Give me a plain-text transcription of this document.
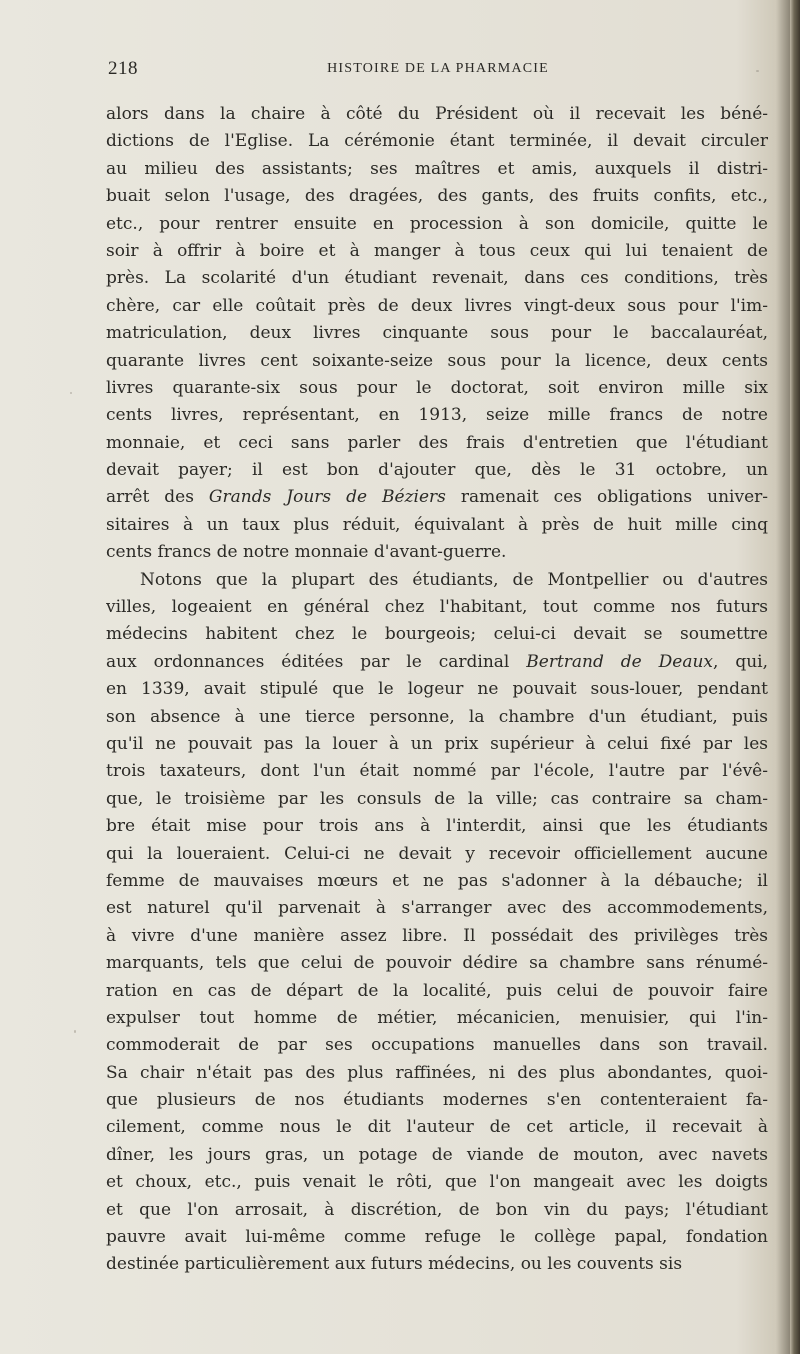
218	HISTOIRE DE LA PHARMACIE
alors dans la chaire à côté du Président où il recevait les béné-
dictions de l'Eglise. La cérémonie étant terminée, il devait circuler
au milieu des assistants; ses maîtres et amis, auxquels il distri-
buait selon l'usage, des dragées, des gants, des fruits confits, etc.,
etc., pour rentrer ensuite en procession à son domicile, quitte le
soir à offrir à boire et à manger à tous ceux qui lui tenaient de
près. La scolarité d'un étudiant revenait, dans ces conditions, très
chère, car elle coûtait près de deux livres vingt-deux sous pour l'im-
matriculation, deux livres cinquante sous pour le baccalauréat,
quarante livres cent soixante-seize sous pour la licence, deux cents
livres quarante-six sous pour le doctorat, soit environ mille six
cents livres, représentant, en 1913, seize mille francs de notre
monnaie, et ceci sans parler des frais d'entretien que l'étudiant
devait payer; il est bon d'ajouter que, dès le 31 octobre, un
arrêt des Grands Jours de Béziers ramenait ces obligations univer-
sitaires à un taux plus réduit, équivalant à près de huit mille cinq
cents francs de notre monnaie d'avant-guerre.
Notons que la plupart des étudiants, de Montpellier ou d'autres
villes, logeaient en général chez l'habitant, tout comme nos futurs
médecins habitent chez le bourgeois; celui-ci devait se soumettre
aux ordonnances éditées par le cardinal Bertrand de Deaux, qui,
en 1339, avait stipulé que le logeur ne pouvait sous-louer, pendant
son absence à une tierce personne, la chambre d'un étudiant, puis
qu'il ne pouvait pas la louer à un prix supérieur à celui fixé par les
trois taxateurs, dont l'un était nommé par l'école, l'autre par l'évê-
que, le troisième par les consuls de la ville; cas contraire sa cham-
bre était mise pour trois ans à l'interdit, ainsi que les étudiants
qui la loueraient. Celui-ci ne devait y recevoir officiellement aucune
femme de mauvaises mœurs et ne pas s'adonner à la débauche; il
est naturel qu'il parvenait à s'arranger avec des accommodements,
à vivre d'une manière assez libre. Il possédait des privilèges très
marquants, tels que celui de pouvoir dédire sa chambre sans rénumé-
ration en cas de départ de la localité, puis celui de pouvoir faire
expulser tout homme de métier, mécanicien, menuisier, qui l'in-
commoderait de par ses occupations manuelles dans son travail.
Sa chair n'était pas des plus raffinées, ni des plus abondantes, quoi-
que plusieurs de nos étudiants modernes s'en contenteraient fa-
cilement, comme nous le dit l'auteur de cet article, il recevait à
dîner, les jours gras, un potage de viande de mouton, avec navets
et choux, etc., puis venait le rôti, que l'on mangeait avec les doigts
et que l'on arrosait, à discrétion, de bon vin du pays; l'étudiant
pauvre avait lui-même comme refuge le collège papal, fondation
destinée particulièrement aux futurs médecins, ou les couvents sis
